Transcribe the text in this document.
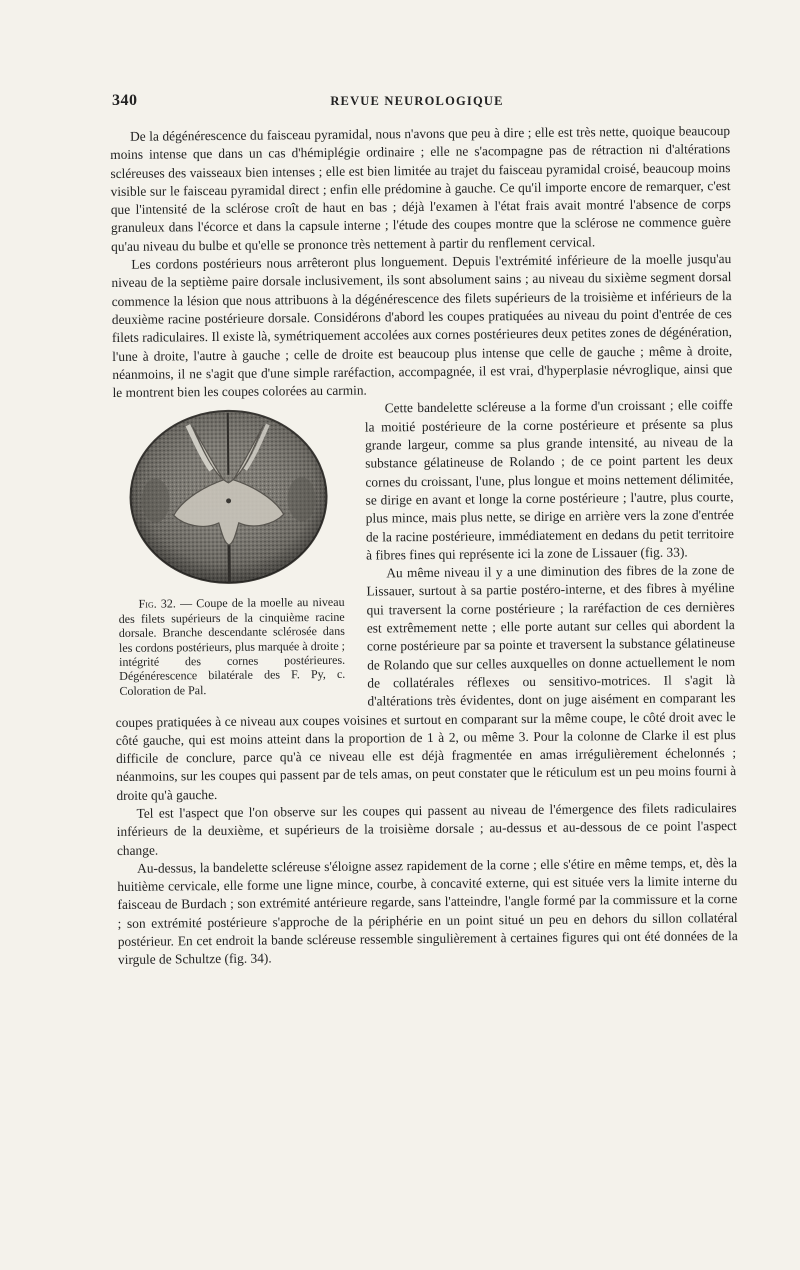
340	REVUE NEUROLOGIQUE

De la dégénérescence du faisceau pyramidal, nous n'avons que peu à dire ; elle est très nette, quoique beaucoup moins intense que dans un cas d'hémiplégie ordinaire ; elle ne s'acompagne pas de rétraction ni d'altérations scléreuses des vaisseaux bien intenses ; elle est bien limitée au trajet du faisceau pyramidal croisé, beaucoup moins visible sur le faisceau pyramidal direct ; enfin elle prédomine à gauche. Ce qu'il importe encore de remarquer, c'est que l'intensité de la sclérose croît de haut en bas ; déjà l'examen à l'état frais avait montré l'absence de corps granuleux dans l'écorce et dans la capsule interne ; l'étude des coupes montre que la sclérose ne commence guère qu'au niveau du bulbe et qu'elle se prononce très nettement à partir du renflement cervical.

Les cordons postérieurs nous arrêteront plus longuement. Depuis l'extrémité inférieure de la moelle jusqu'au niveau de la septième paire dorsale inclusivement, ils sont absolument sains ; au niveau du sixième segment dorsal commence la lésion que nous attribuons à la dégénérescence des filets supérieurs de la troisième et inférieurs de la deuxième racine postérieure dorsale. Considérons d'abord les coupes pratiquées au niveau du point d'entrée de ces filets radiculaires. Il existe là, symétriquement accolées aux cornes postérieures deux petites zones de dégénération, l'une à droite, l'autre à gauche ; celle de droite est beaucoup plus intense que celle de gauche ; même à droite, néanmoins, il ne s'agit que d'une simple raréfaction, accompagnée, il est vrai, d'hyperplasie névroglique, ainsi que le montrent bien les coupes colorées au carmin.

Fig. 32. — Coupe de la moelle au niveau des filets supérieurs de la cinquième racine dorsale. Branche descendante sclérosée dans les cordons postérieurs, plus marquée à droite ; intégrité des cornes postérieures. Dégénérescence bilatérale des F. Py, c. Coloration de Pal.

Cette bandelette scléreuse a la forme d'un croissant ; elle coiffe la moitié postérieure de la corne postérieure et présente sa plus grande largeur, comme sa plus grande intensité, au niveau de la substance gélatineuse de Rolando ; de ce point partent les deux cornes du croissant, l'une, plus longue et moins nettement délimitée, se dirige en avant et longe la corne postérieure ; l'autre, plus courte, plus mince, mais plus nette, se dirige en arrière vers la zone d'entrée de la racine postérieure, immédiatement en dedans du petit territoire à fibres fines qui représente ici la zone de Lissauer (fig. 33).

Au même niveau il y a une diminution des fibres de la zone de Lissauer, surtout à sa partie postéro-interne, et des fibres à myéline qui traversent la corne postérieure ; la raréfaction de ces dernières est extrêmement nette ; elle porte autant sur celles qui abordent la corne postérieure par sa pointe et traversent la substance gélatineuse de Rolando que sur celles auxquelles on donne actuellement le nom de collatérales réflexes ou sensitivo-motrices. Il s'agit là d'altérations très évidentes, dont on juge aisément en comparant les coupes pratiquées à ce niveau aux coupes voisines et surtout en comparant sur la même coupe, le côté droit avec le côté gauche, qui est moins atteint dans la proportion de 1 à 2, ou même 3. Pour la colonne de Clarke il est plus difficile de conclure, parce qu'à ce niveau elle est déjà fragmentée en amas irrégulièrement échelonnés ; néanmoins, sur les coupes qui passent par de tels amas, on peut constater que le réticulum est un peu moins fourni à droite qu'à gauche.

Tel est l'aspect que l'on observe sur les coupes qui passent au niveau de l'émergence des filets radiculaires inférieurs de la deuxième, et supérieurs de la troisième dorsale ; au-dessus et au-dessous de ce point l'aspect change.

Au-dessus, la bandelette scléreuse s'éloigne assez rapidement de la corne ; elle s'étire en même temps, et, dès la huitième cervicale, elle forme une ligne mince, courbe, à concavité externe, qui est située vers la limite interne du faisceau de Burdach ; son extrémité antérieure regarde, sans l'atteindre, l'angle formé par la commissure et la corne ; son extrémité postérieure s'approche de la périphérie en un point situé un peu en dehors du sillon collatéral postérieur. En cet endroit la bande scléreuse ressemble singulièrement à certaines figures qui ont été données de la virgule de Schultze (fig. 34).
